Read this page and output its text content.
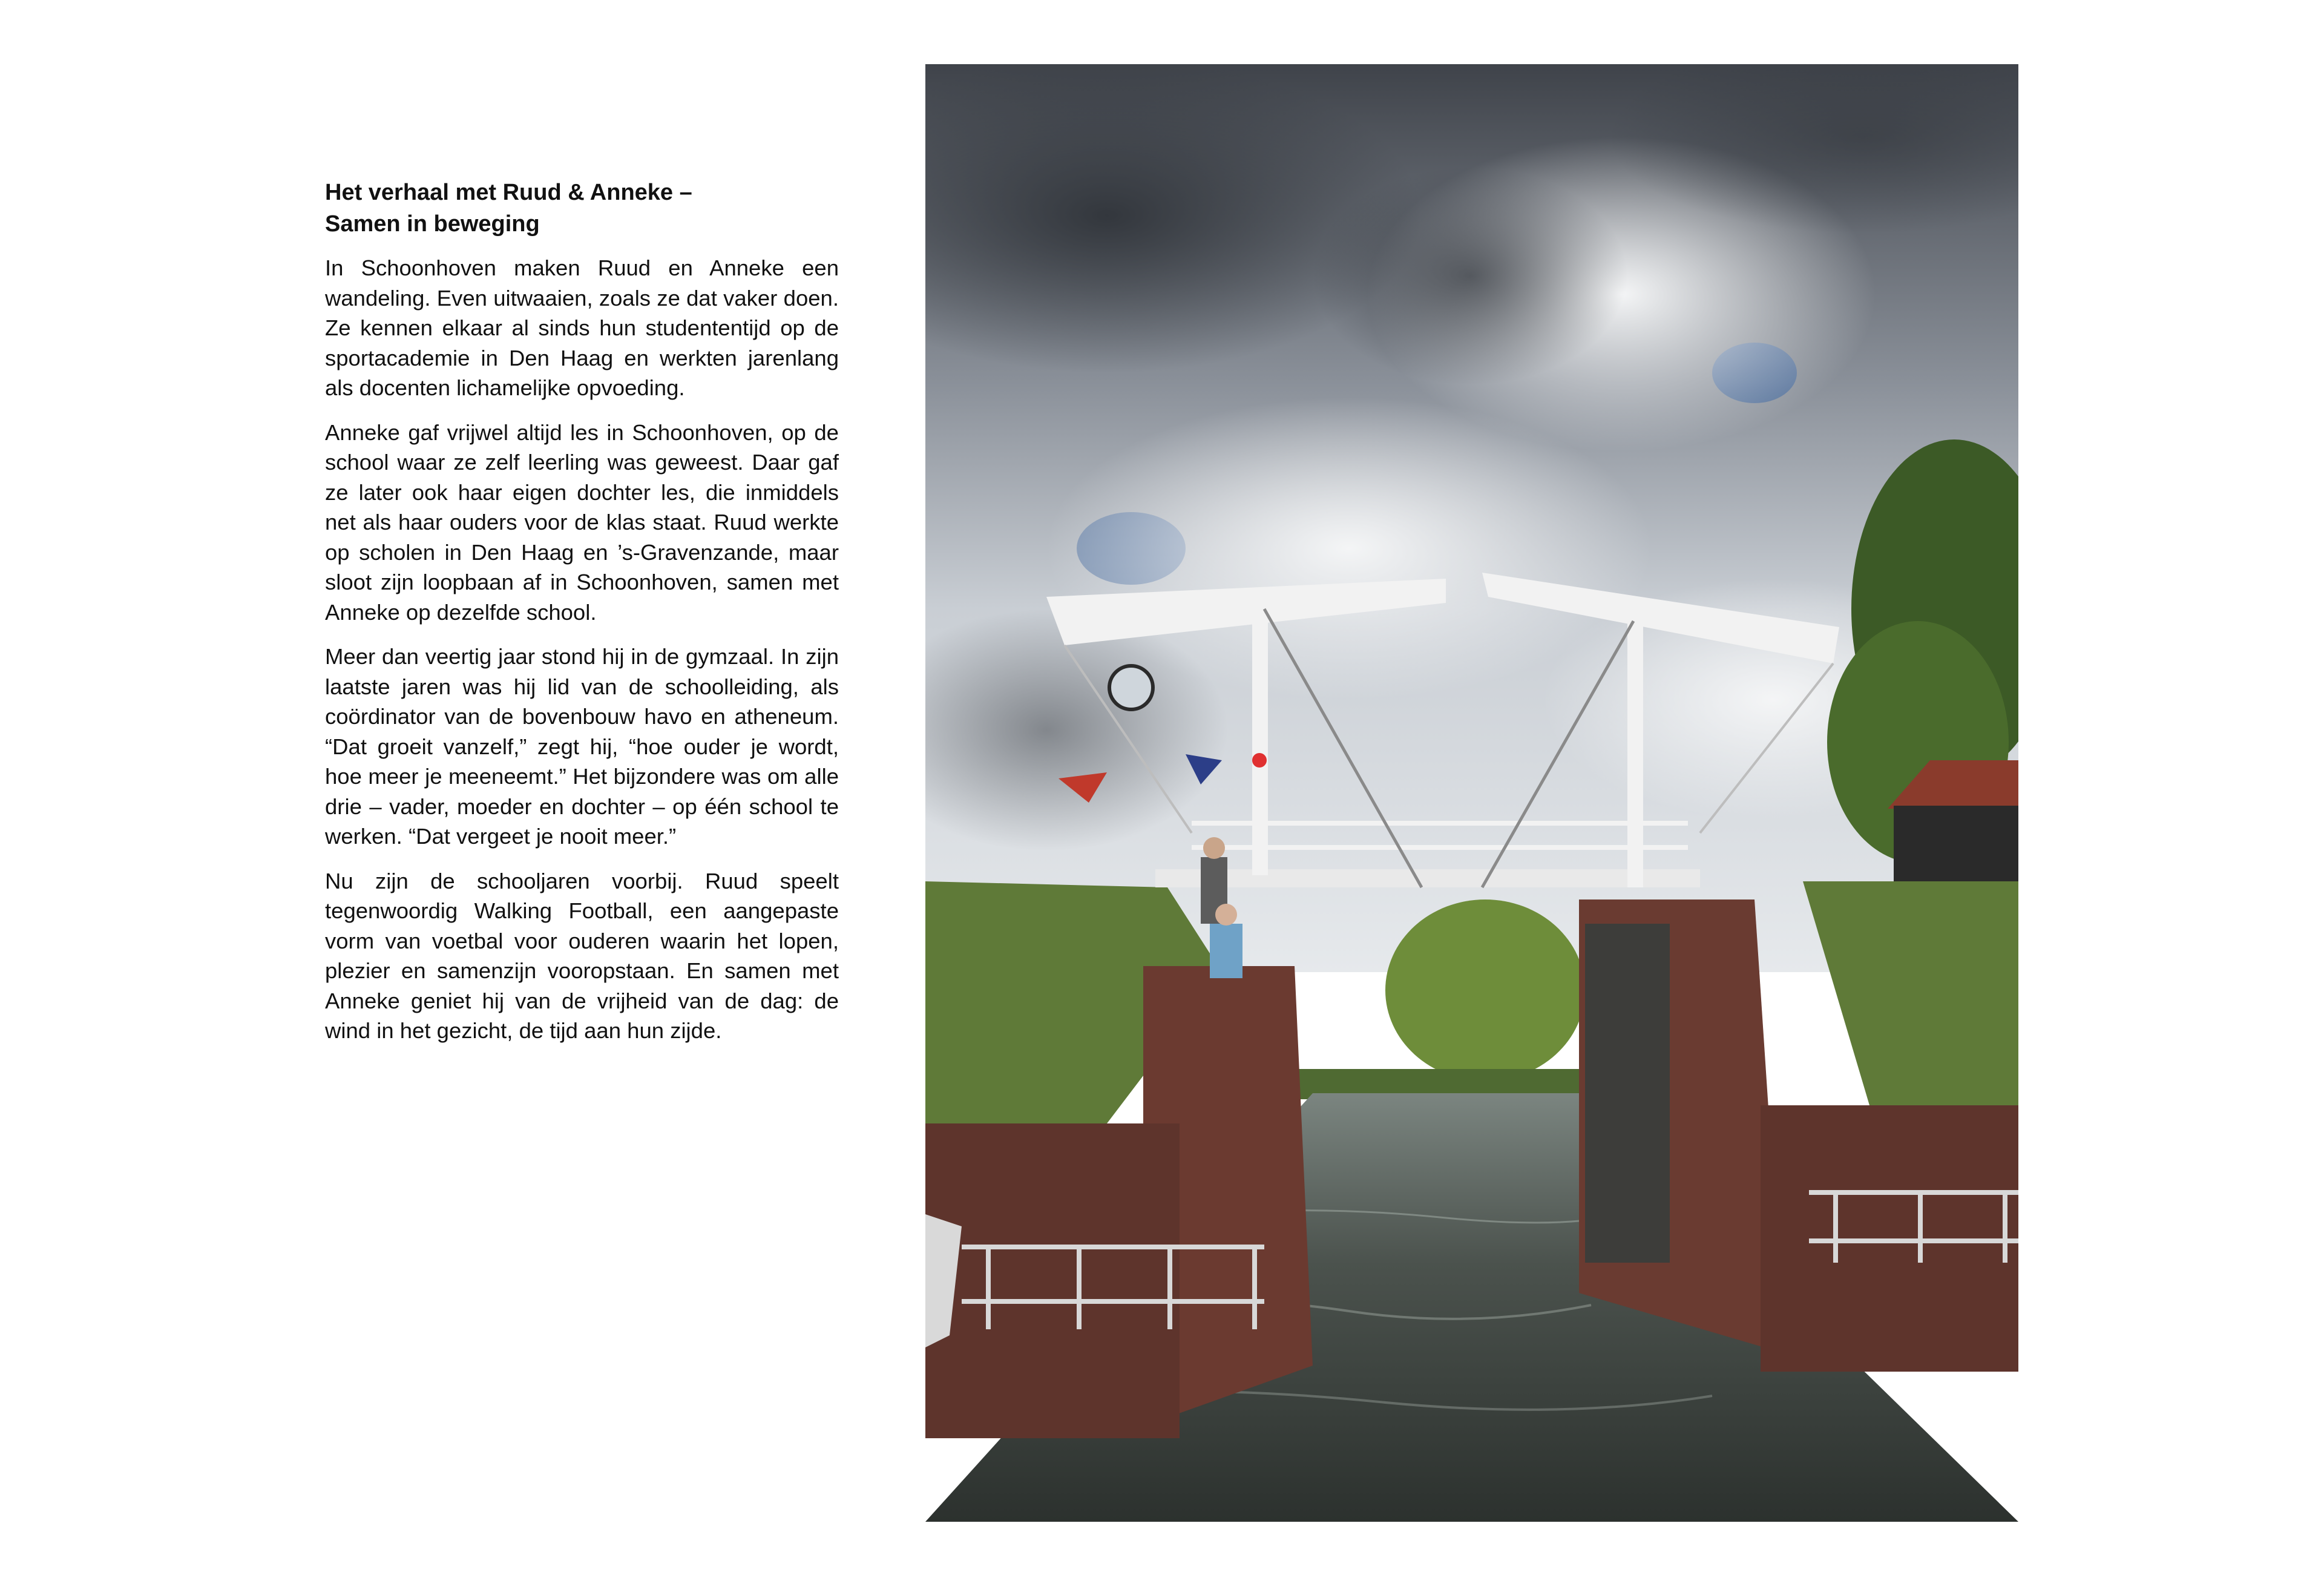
Het verhaal met Ruud & Anneke –
Samen in beweging

In Schoonhoven maken Ruud en Anneke een wandeling. Even uitwaaien, zoals ze dat vaker doen. Ze kennen elkaar al sinds hun studententijd op de sportacademie in Den Haag en werkten jarenlang als docenten lichamelijke opvoeding.

Anneke gaf vrijwel altijd les in Schoonhoven, op de school waar ze zelf leerling was geweest. Daar gaf ze later ook haar eigen dochter les, die inmiddels net als haar ouders voor de klas staat. Ruud werkte op scholen in Den Haag en ’s-Gravenzande, maar sloot zijn loopbaan af in Schoonhoven, samen met Anneke op dezelfde school.

Meer dan veertig jaar stond hij in de gymzaal. In zijn laatste jaren was hij lid van de schoolleiding, als coördinator van de bovenbouw havo en atheneum. “Dat groeit vanzelf,” zegt hij, “hoe ouder je wordt, hoe meer je meeneemt.” Het bijzondere was om alle drie – vader, moeder en dochter – op één school te werken. “Dat vergeet je nooit meer.”

Nu zijn de schooljaren voorbij. Ruud speelt tegenwoordig Walking Football, een aangepaste vorm van voetbal voor ouderen waarin het lopen, plezier en samenzijn vooropstaan. En samen met Anneke geniet hij van de vrijheid van de dag: de wind in het gezicht, de tijd aan hun zijde.
